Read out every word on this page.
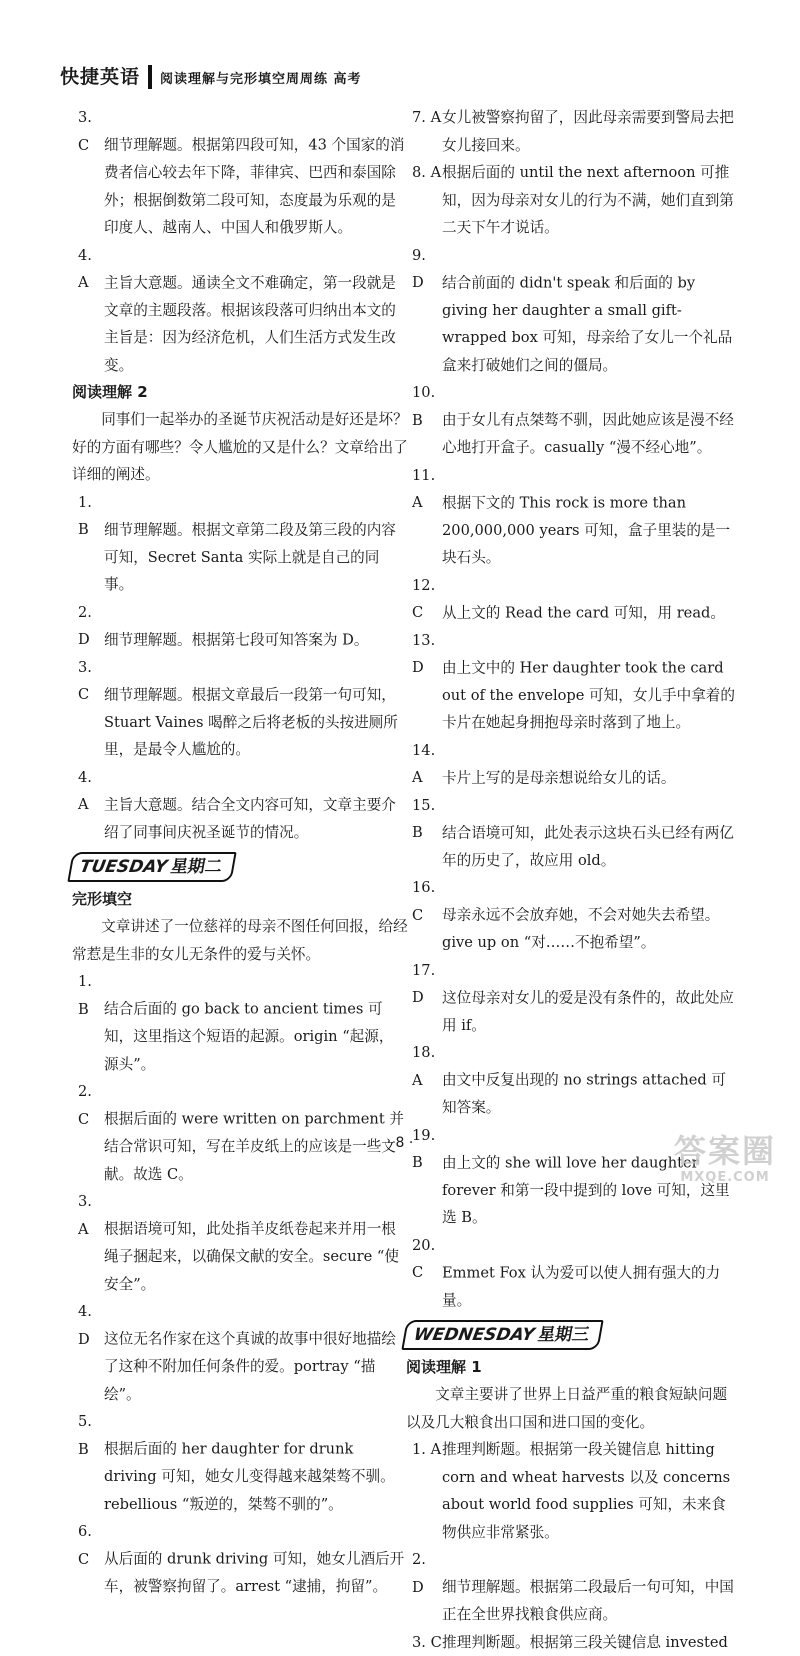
快捷英语	阅读理解与完形填空周周练 高考

3. C 细节理解题。根据第四段可知，43 个国家的消费者信心较去年下降，菲律宾、巴西和泰国除外；根据倒数第二段可知，态度最为乐观的是印度人、越南人、中国人和俄罗斯人。

4. A 主旨大意题。通读全文不难确定，第一段就是文章的主题段落。根据该段落可归纳出本文的主旨是：因为经济危机，人们生活方式发生改变。

阅读理解 2
同事们一起举办的圣诞节庆祝活动是好还是坏？好的方面有哪些？令人尴尬的又是什么？文章给出了详细的阐述。

1. B 细节理解题。根据文章第二段及第三段的内容可知，Secret Santa 实际上就是自己的同事。

2. D 细节理解题。根据第七段可知答案为 D。

3. C 细节理解题。根据文章最后一段第一句可知，Stuart Vaines 喝醉之后将老板的头按进厕所里，是最令人尴尬的。

4. A 主旨大意题。结合全文内容可知，文章主要介绍了同事间庆祝圣诞节的情况。

TUESDAY 星期二
完形填空
文章讲述了一位慈祥的母亲不图任何回报，给经常惹是生非的女儿无条件的爱与关怀。

1. B 结合后面的 go back to ancient times 可知，这里指这个短语的起源。origin “起源，源头”。

2. C 根据后面的 were written on parchment 并结合常识可知，写在羊皮纸上的应该是一些文献。故选 C。

3. A 根据语境可知，此处指羊皮纸卷起来并用一根绳子捆起来，以确保文献的安全。secure “使安全”。

4. D 这位无名作家在这个真诚的故事中很好地描绘了这种不附加任何条件的爱。portray “描绘”。

5. B 根据后面的 her daughter for drunk driving 可知，她女儿变得越来越桀骜不驯。rebellious “叛逆的，桀骜不驯的”。

6. C 从后面的 drunk driving 可知，她女儿酒后开车，被警察拘留了。arrest “逮捕，拘留”。

7. A女儿被警察拘留了，因此母亲需要到警局去把女儿接回来。

8. A根据后面的 until the next afternoon 可推知，因为母亲对女儿的行为不满，她们直到第二天下午才说话。

9. D 结合前面的 didn't speak 和后面的 by giving her daughter a small gift-wrapped box 可知，母亲给了女儿一个礼品盒来打破她们之间的僵局。

10. B 由于女儿有点桀骜不驯，因此她应该是漫不经心地打开盒子。casually “漫不经心地”。

11. A 根据下文的 This rock is more than 200,000,000 years 可知，盒子里装的是一块石头。

12. C 从上文的 Read the card 可知，用 read。

13. D 由上文中的 Her daughter took the card out of the envelope 可知，女儿手中拿着的卡片在她起身拥抱母亲时落到了地上。

14. A 卡片上写的是母亲想说给女儿的话。

15. B 结合语境可知，此处表示这块石头已经有两亿年的历史了，故应用 old。

16. C 母亲永远不会放弃她，不会对她失去希望。give up on “对……不抱希望”。

17. D 这位母亲对女儿的爱是没有条件的，故此处应用 if。

18. A 由文中反复出现的 no strings attached 可知答案。

19. B 由上文的 she will love her daughter forever 和第一段中提到的 love 可知，这里选 B。

20. C Emmet Fox 认为爱可以使人拥有强大的力量。

WEDNESDAY 星期三
阅读理解 1
文章主要讲了世界上日益严重的粮食短缺问题以及几大粮食出口国和进口国的变化。

1. A推理判断题。根据第一段关键信息 hitting corn and wheat harvests 以及 concerns about world food supplies 可知，未来食物供应非常紧张。

2. D 细节理解题。根据第二段最后一句可知，中国正在全世界找粮食供应商。

3. C推理判断题。根据第三段关键信息 invested

· 8 ·	答案圈
MXQE.COM
